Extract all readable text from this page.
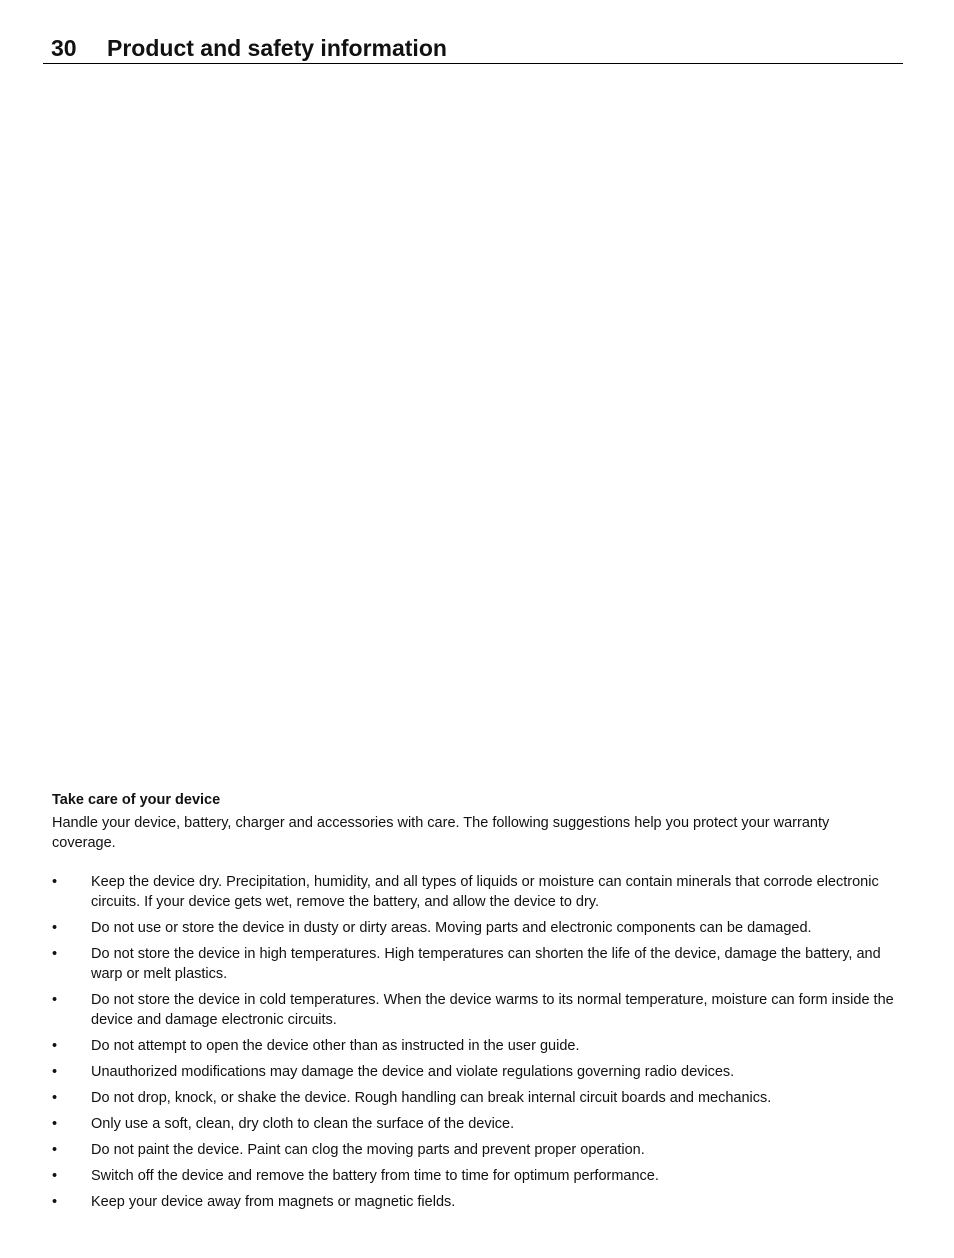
30 Product and safety information
Take care of your device
Handle your device, battery, charger and accessories with care. The following suggestions help you protect your warranty coverage.
•	Keep the device dry. Precipitation, humidity, and all types of liquids or moisture can contain minerals that corrode electronic circuits. If your device gets wet, remove the battery, and allow the device to dry.
•	Do not use or store the device in dusty or dirty areas. Moving parts and electronic components can be damaged.
•	Do not store the device in high temperatures. High temperatures can shorten the life of the device, damage the battery, and warp or melt plastics.
•	Do not store the device in cold temperatures. When the device warms to its normal temperature, moisture can form inside the device and damage electronic circuits.
•	Do not attempt to open the device other than as instructed in the user guide.
•	Unauthorized modifications may damage the device and violate regulations governing radio devices.
•	Do not drop, knock, or shake the device. Rough handling can break internal circuit boards and mechanics.
•	Only use a soft, clean, dry cloth to clean the surface of the device.
•	Do not paint the device. Paint can clog the moving parts and prevent proper operation.
•	Switch off the device and remove the battery from time to time for optimum performance.
•	Keep your device away from magnets or magnetic fields.
